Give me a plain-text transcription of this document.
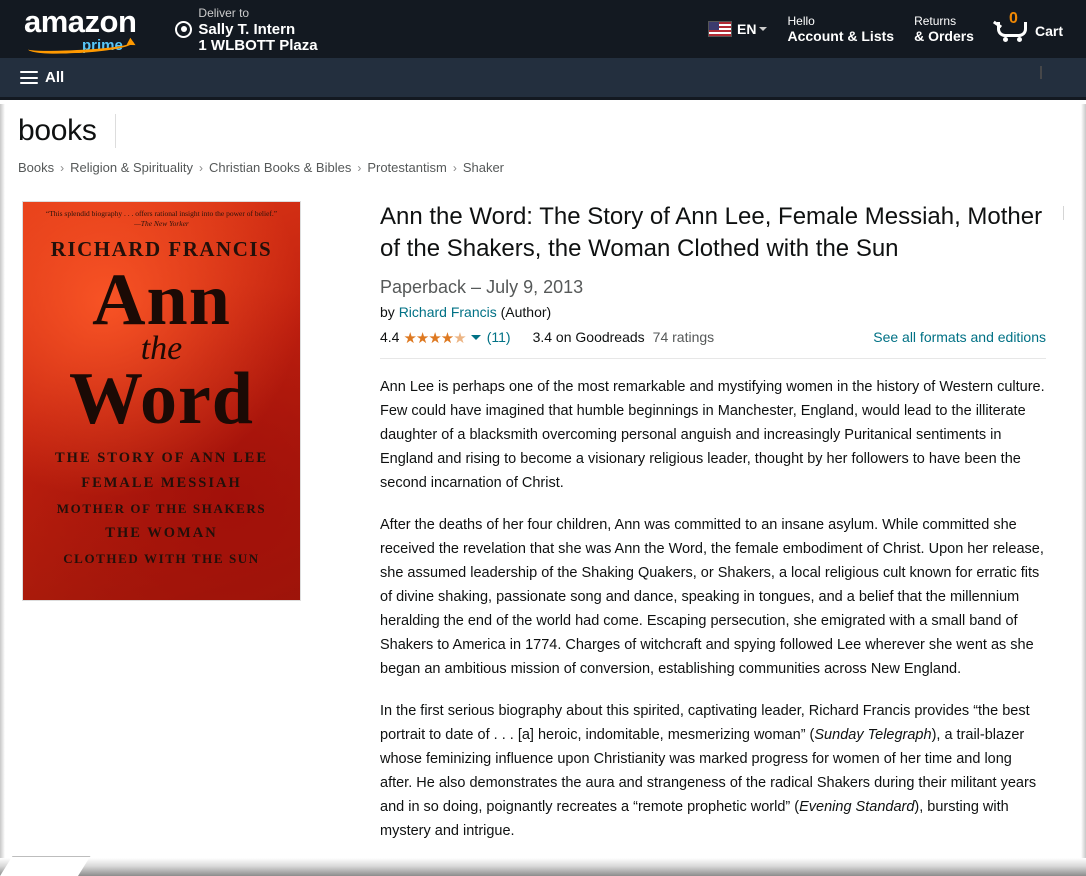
amazon
prime
Deliver to
Sally T. Intern
1 WLBOTT Plaza
EN	Hello
Account & Lists
Returns
& Orders
0
Cart
All
books
Books › Religion & Spirituality › Christian Books & Bibles › Protestantism › Shaker
“This splendid biography . . . offers rational insight into the power of belief.”
—The New Yorker
RICHARD FRANCIS
Ann
the
Word
THE STORY OF ANN LEE
FEMALE MESSIAH
MOTHER OF THE SHAKERS
THE WOMAN
CLOTHED WITH THE SUN
Ann the Word: The Story of Ann Lee, Female Messiah, Mother of the Shakers, the Woman Clothed with the Sun
Paperback – July 9, 2013
by Richard Francis (Author)
4.4 ★★★★★ (11) 3.4 on Goodreads 74 ratings	See all formats and editions

Ann Lee is perhaps one of the most remarkable and mystifying women in the history of Western culture. Few could have imagined that humble beginnings in Manchester, England, would lead to the illiterate daughter of a blacksmith overcoming personal anguish and increasingly Puritanical sentiments in England and rising to become a visionary religious leader, thought by her followers to have been the second incarnation of Christ.

After the deaths of her four children, Ann was committed to an insane asylum. While committed she received the revelation that she was Ann the Word, the female embodiment of Christ. Upon her release, she assumed leadership of the Shaking Quakers, or Shakers, a local religious cult known for erratic fits of divine shaking, passionate song and dance, speaking in tongues, and a belief that the millennium heralding the end of the world had come. Escaping persecution, she emigrated with a small band of Shakers to America in 1774. Charges of witchcraft and spying followed Lee wherever she went as she began an ambitious mission of conversion, establishing communities across New England.

In the first serious biography about this spirited, captivating leader, Richard Francis provides “the best portrait to date of . . . [a] heroic, indomitable, mesmerizing woman” (Sunday Telegraph), a trail-blazer whose feminizing influence upon Christianity was marked progress for women of her time and long after. He also demonstrates the aura and strangeness of the radical Shakers during their militant years and in so doing, poignantly recreates a “remote prophetic world” (Evening Standard), bursting with mystery and intrigue.
